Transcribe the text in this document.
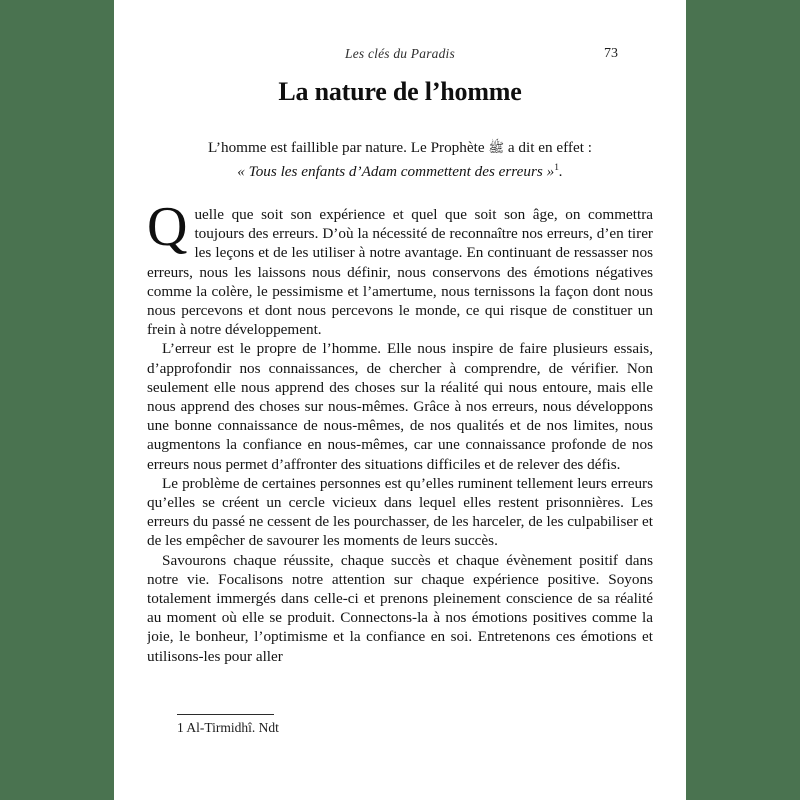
Les clés du Paradis	73
La nature de l’homme
L’homme est faillible par nature. Le Prophète ﷺ a dit en effet :
« Tous les enfants d’Adam commettent des erreurs »$^1$.

Quelle que soit son expérience et quel que soit son âge, on commettra toujours des erreurs. D’où la nécessité de reconnaître nos erreurs, d’en tirer les leçons et de les utiliser à notre avantage. En continuant de ressasser nos erreurs, nous les laissons nous définir, nous conservons des émotions négatives comme la colère, le pessimisme et l’amertume, nous ternissons la façon dont nous nous percevons et dont nous percevons le monde, ce qui risque de constituer un frein à notre développement.

L’erreur est le propre de l’homme. Elle nous inspire de faire plusieurs essais, d’approfondir nos connaissances, de chercher à comprendre, de vérifier. Non seulement elle nous apprend des choses sur la réalité qui nous entoure, mais elle nous apprend des choses sur nous-mêmes. Grâce à nos erreurs, nous développons une bonne connaissance de nous-mêmes, de nos qualités et de nos limites, nous augmentons la confiance en nous-mêmes, car une connaissance profonde de nos erreurs nous permet d’affronter des situations difficiles et de relever des défis.

Le problème de certaines personnes est qu’elles ruminent tellement leurs erreurs qu’elles se créent un cercle vicieux dans lequel elles restent prisonnières. Les erreurs du passé ne cessent de les pourchasser, de les harceler, de les culpabiliser et de les empêcher de savourer les moments de leurs succès.

Savourons chaque réussite, chaque succès et chaque évènement positif dans notre vie. Focalisons notre attention sur chaque expérience positive. Soyons totalement immergés dans celle-ci et prenons pleinement conscience de sa réalité au moment où elle se produit. Connectons-la à nos émotions positives comme la joie, le bonheur, l’optimisme et la confiance en soi. Entretenons ces émotions et utilisons-les pour aller

1 Al-Tirmidhî. Ndt
